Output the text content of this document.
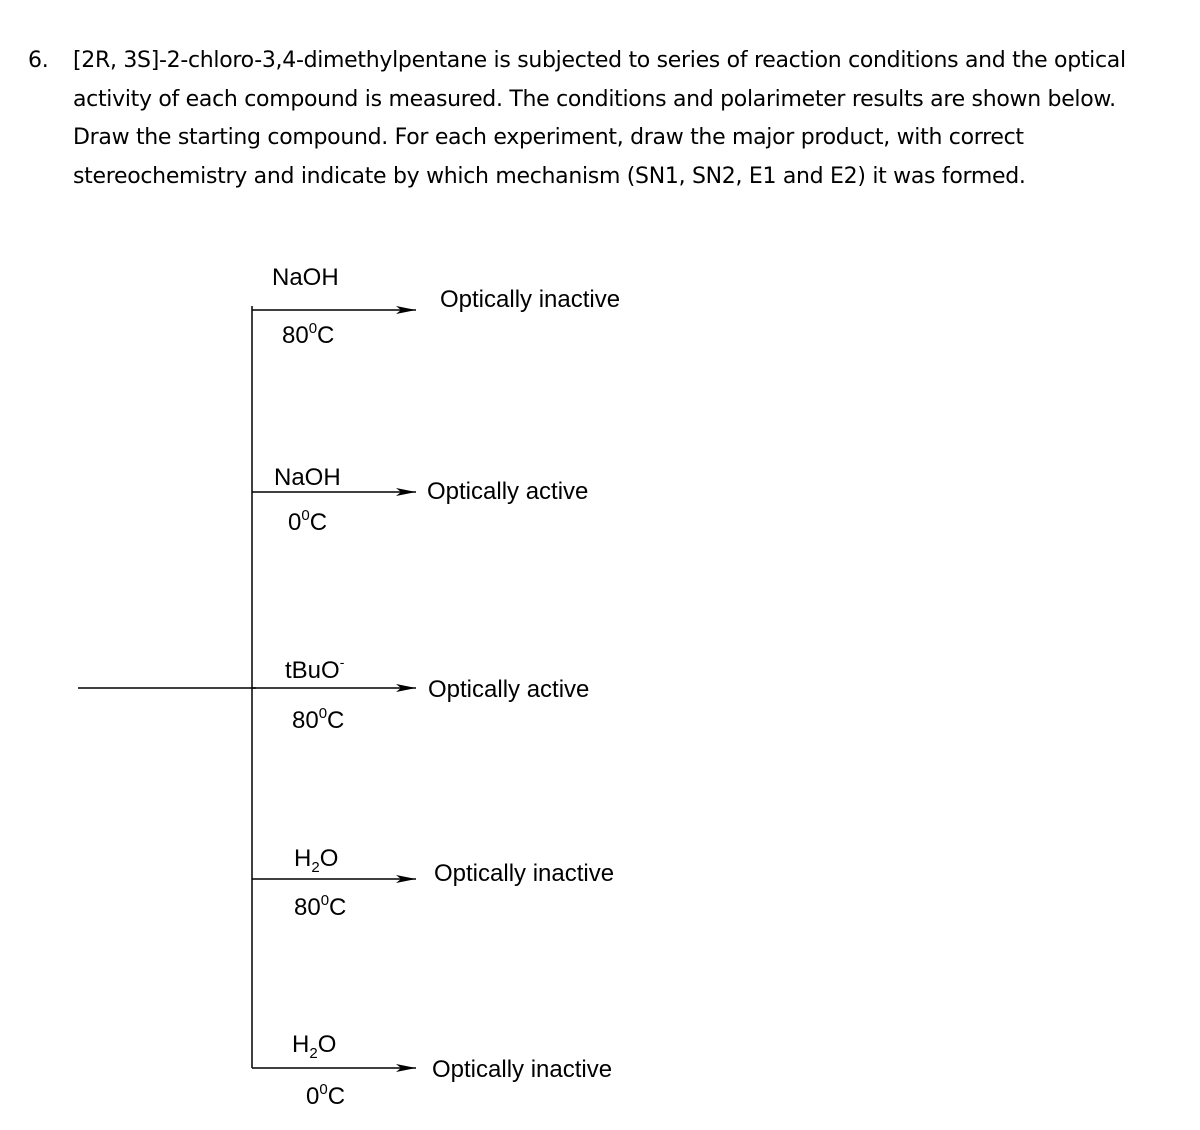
6. [2R, 3S]-2-chloro-3,4-dimethylpentane is subjected to series of reaction conditions and the optical activity of each compound is measured. The conditions and polarimeter results are shown below. Draw the starting compound. For each experiment, draw the major product, with correct stereochemistry and indicate by which mechanism (SN1, SN2, E1 and E2) it was formed.
NaOH
$80^0C$
Optically inactive
NaOH
$0^0C$
Optically active
tBuO-
$80^0C$
Optically active
$H_2O$
$80^0C$
Optically inactive
$H_2O$
$0^0C$
Optically inactive
